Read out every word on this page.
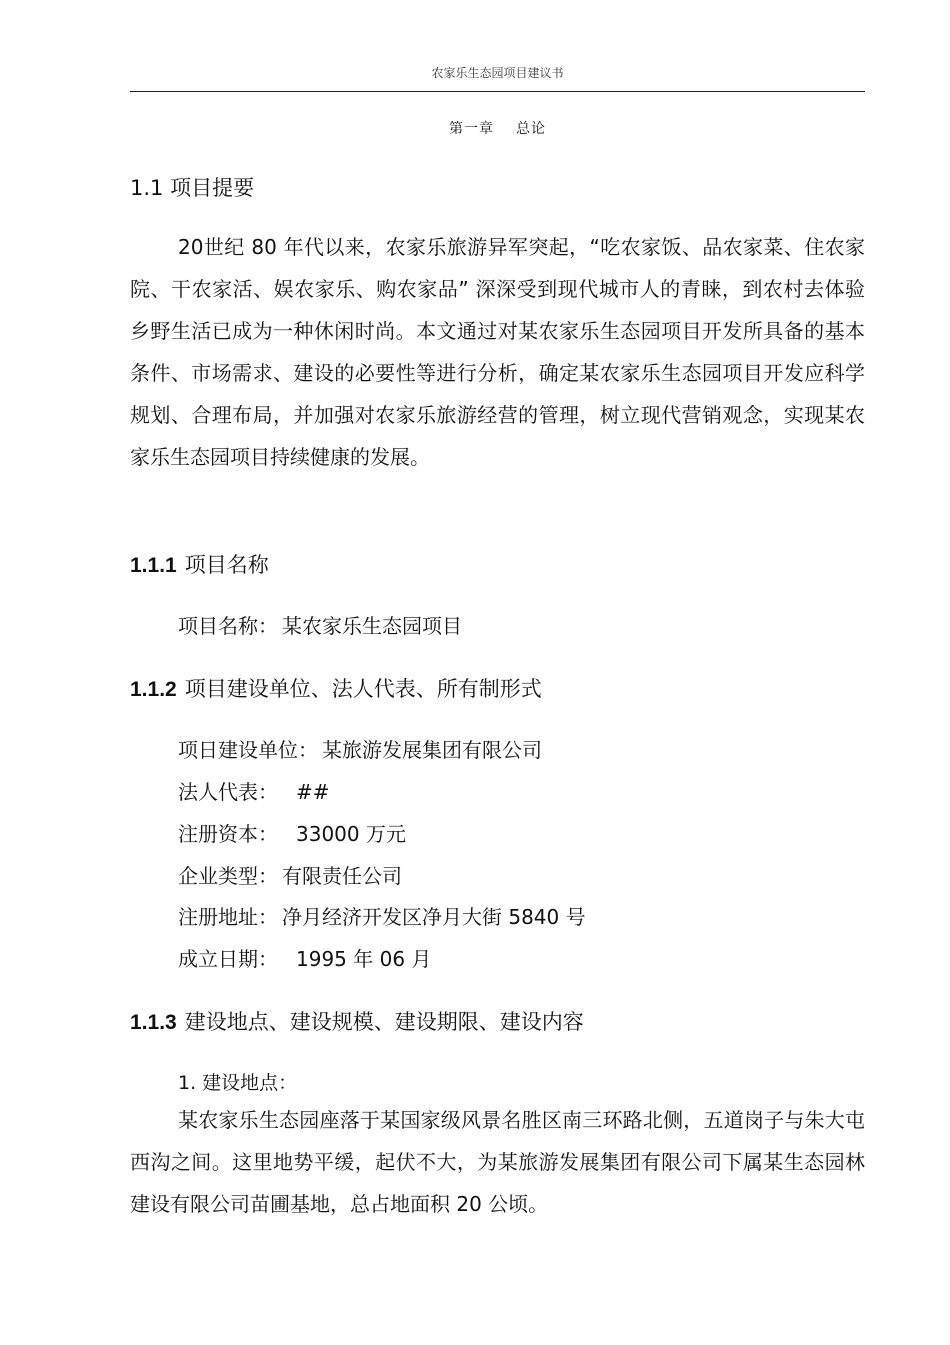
农家乐生态园项目建议书
第一章 总论
1.1 项目提要

20世纪 80 年代以来，农家乐旅游异军突起，“吃农家饭、品农家菜、住农家院、干农家活、娱农家乐、购农家品” 深深受到现代城市人的青睐，到农村去体验乡野生活已成为一种休闲时尚。本文通过对某农家乐生态园项目开发所具备的基本条件、市场需求、建设的必要性等进行分析，确定某农家乐生态园项目开发应科学规划、合理布局，并加强对农家乐旅游经营的管理，树立现代营销观念，实现某农家乐生态园项目持续健康的发展。

1.1.1 项目名称
项目名称： 某农家乐生态园项目
1.1.2 项目建设单位、法人代表、所有制形式
项日建设单位： 某旅游发展集团有限公司
法人代表： ##
注册资本： 33000 万元
企业类型： 有限责任公司
注册地址： 净月经济开发区净月大街 5840 号
成立日期： 1995 年 06 月
1.1.3 建设地点、建设规模、建设期限、建设内容
1. 建设地点：

某农家乐生态园座落于某国家级风景名胜区南三环路北侧，五道岗子与朱大屯西沟之间。这里地势平缓，起伏不大，为某旅游发展集团有限公司下属某生态园林建设有限公司苗圃基地，总占地面积 20 公顷。
